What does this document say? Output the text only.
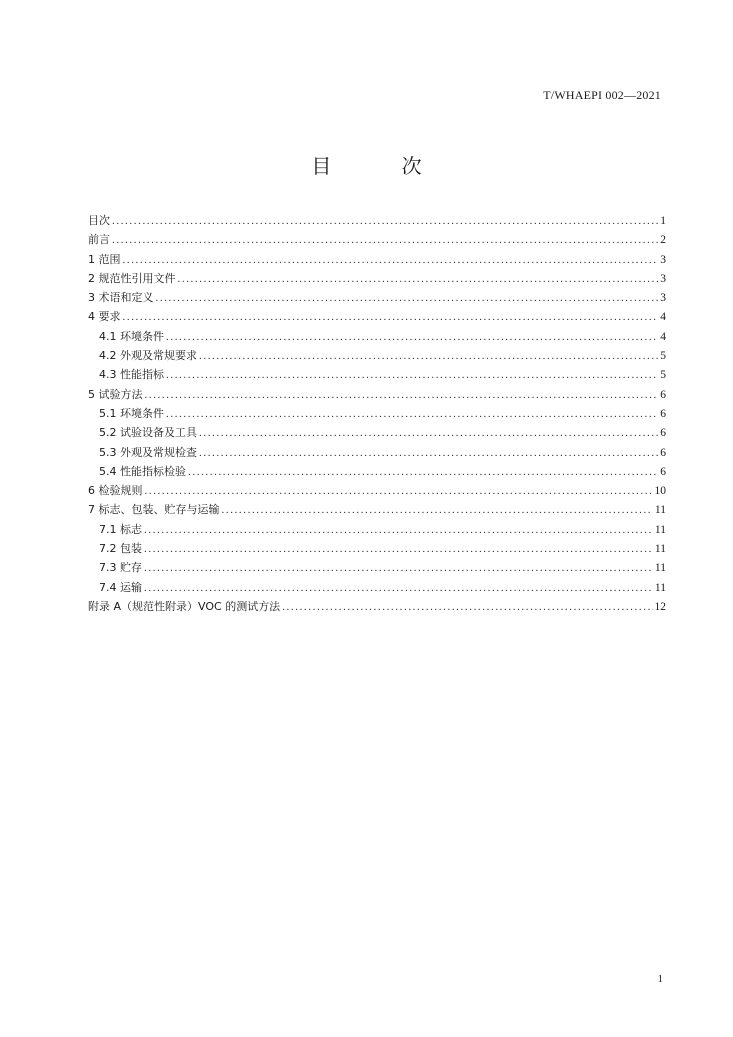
T/WHAEPI 002—2021
目 次
目次 .....	1
前言 .....	2
1 范围 .....	3
2 规范性引用文件 .....	3
3 术语和定义 .....	3
4 要求 .....	4
4.1 环境条件 .....	4
4.2 外观及常规要求 .....	5
4.3 性能指标 .....	5
5 试验方法 .....	6
5.1 环境条件 .....	6
5.2 试验设备及工具 .....	6
5.3 外观及常规检查 .....	6
5.4 性能指标检验 .....	6
6 检验规则 .....	10
7 标志、包装、贮存与运输 .....	11
7.1 标志 .....	11
7.2 包装 .....	11
7.3 贮存 .....	11
7.4 运输 .....	11
附录 A（规范性附录）VOC 的测试方法 .....	12
1
